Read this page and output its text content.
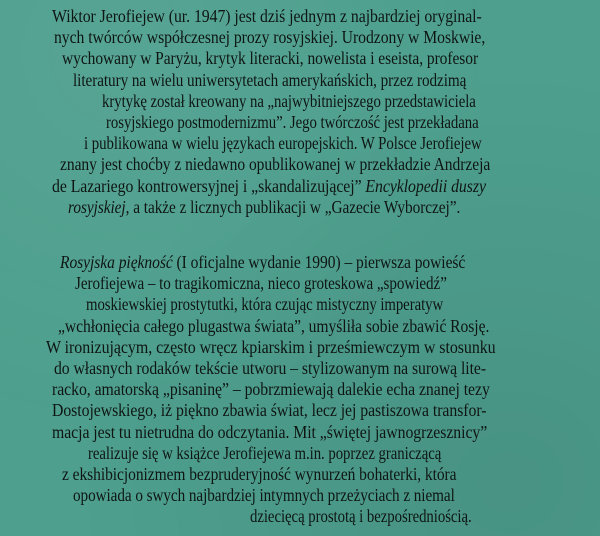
Wiktor Jerofiejew (ur. 1947) jest dziś jednym z najbardziej oryginal-
nych twórców współczesnej prozy rosyjskiej. Urodzony w Moskwie,
wychowany w Paryżu, krytyk literacki, nowelista i eseista, profesor
literatury na wielu uniwersytetach amerykańskich, przez rodzimą
krytykę został kreowany na „najwybitniejszego przedstawiciela
rosyjskiego postmodernizmu”. Jego twórczość jest przekładana
i publikowana w wielu językach europejskich. W Polsce Jerofiejew
znany jest choćby z niedawno opublikowanej w przekładzie Andrzeja
de Lazariego kontrowersyjnej i „skandalizującej” Encyklopedii duszy
rosyjskiej, a także z licznych publikacji w „Gazecie Wyborczej”.

Rosyjska piękność (I oficjalne wydanie 1990) – pierwsza powieść
Jerofiejewa – to tragikomiczna, nieco groteskowa „spowiedź”
moskiewskiej prostytutki, która czując mistyczny imperatyw
„wchłonięcia całego plugastwa świata”, umyśliła sobie zbawić Rosję.
W ironizującym, często wręcz kpiarskim i prześmiewczym w stosunku
do własnych rodaków tekście utworu – stylizowanym na surową lite-
racko, amatorską „pisaninę” – pobrzmiewają dalekie echa znanej tezy
Dostojewskiego, iż piękno zbawia świat, lecz jej pastiszowa transfor-
macja jest tu nietrudna do odczytania. Mit „świętej jawnogrzesznicy”
realizuje się w książce Jerofiejewa m.in. poprzez graniczącą
z ekshibicjonizmem bezpruderyjność wynurzeń bohaterki, która
opowiada o swych najbardziej intymnych przeżyciach z niemal
dziecięcą prostotą i bezpośredniością.
